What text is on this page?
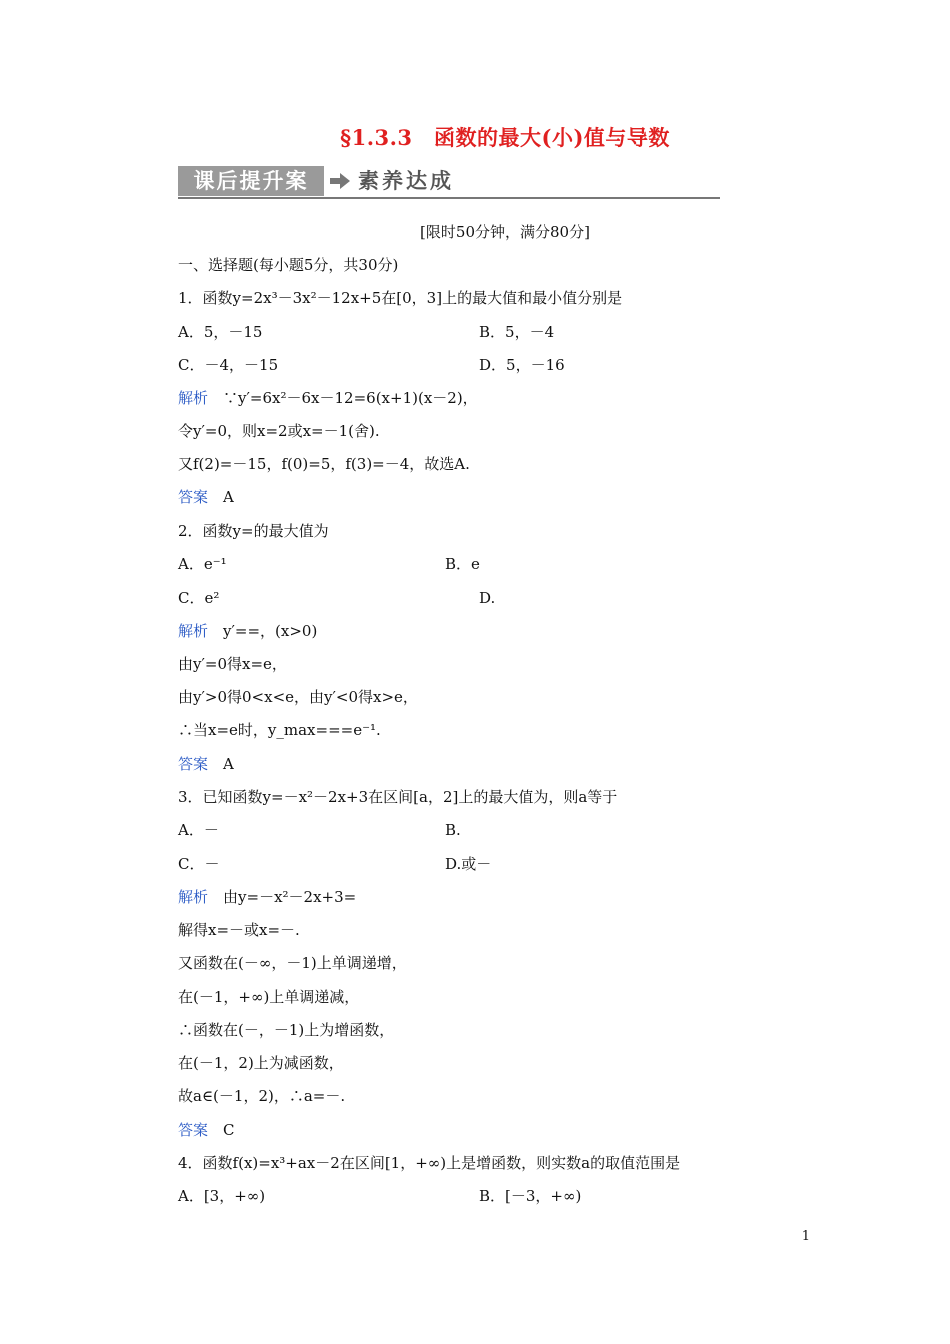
§1.3.3　函数的最大(小)值与导数
课后提升案	素养达成
[限时50分钟，满分80分]
一、选择题(每小题5分，共30分)
1．函数y=2x³－3x²－12x+5在[0，3]上的最大值和最小值分别是
A．5，－15	B．5，－4
C．－4，－15	D．5，－16
解析　 ∵y′=6x²－6x－12=6(x+1)(x－2)，
令y′=0，则x=2或x=－1(舍).
又f(2)=－15，f(0)=5，f(3)=－4，故选A.
答案　 A
2．函数y=的最大值为
A．e⁻¹	B．e
C．e²	D.
解析　 y′==，(x>0)
由y′=0得x=e，
由y′>0得0<x<e，由y′<0得x>e，
∴当x=e时，y_max===e⁻¹.
答案　 A
3．已知函数y=－x²－2x+3在区间[a，2]上的最大值为，则a等于
A．－	B.
C．－	D.或－
解析　 由y=－x²－2x+3=
解得x=－或x=－.
又函数在(－∞，－1)上单调递增，
在(－1，+∞)上单调递减，
∴函数在(－，－1)上为增函数，
在(－1，2)上为减函数，
故a∈(－1，2)，∴a=－.
答案　 C
4．函数f(x)=x³+ax－2在区间[1，+∞)上是增函数，则实数a的取值范围是
A．[3，+∞)	B．[－3，+∞)
1
